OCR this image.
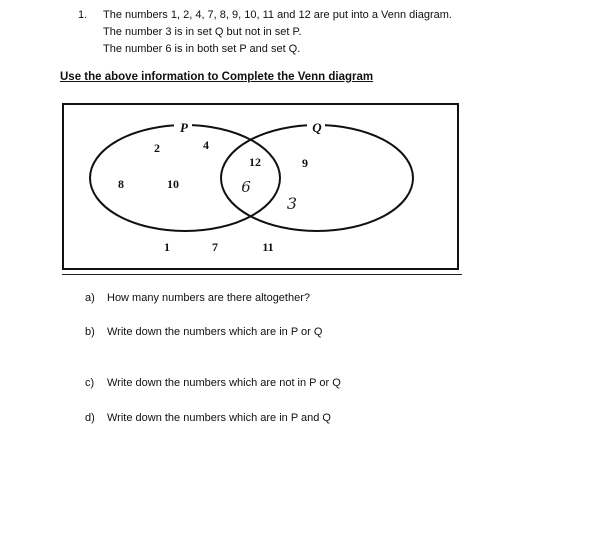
1. The numbers 1, 2, 4, 7, 8, 9, 10, 11 and 12 are put into a Venn diagram.
The number 3 is in set Q but not in set P.
The number 6 is in both set P and set Q.
Use the above information to Complete the Venn diagram
P	Q
2	4
8	10
12	9
1	7	11
6
3
a) How many numbers are there altogether?
b) Write down the numbers which are in P or Q
c) Write down the numbers which are not in P or Q
d) Write down the numbers which are in P and Q
